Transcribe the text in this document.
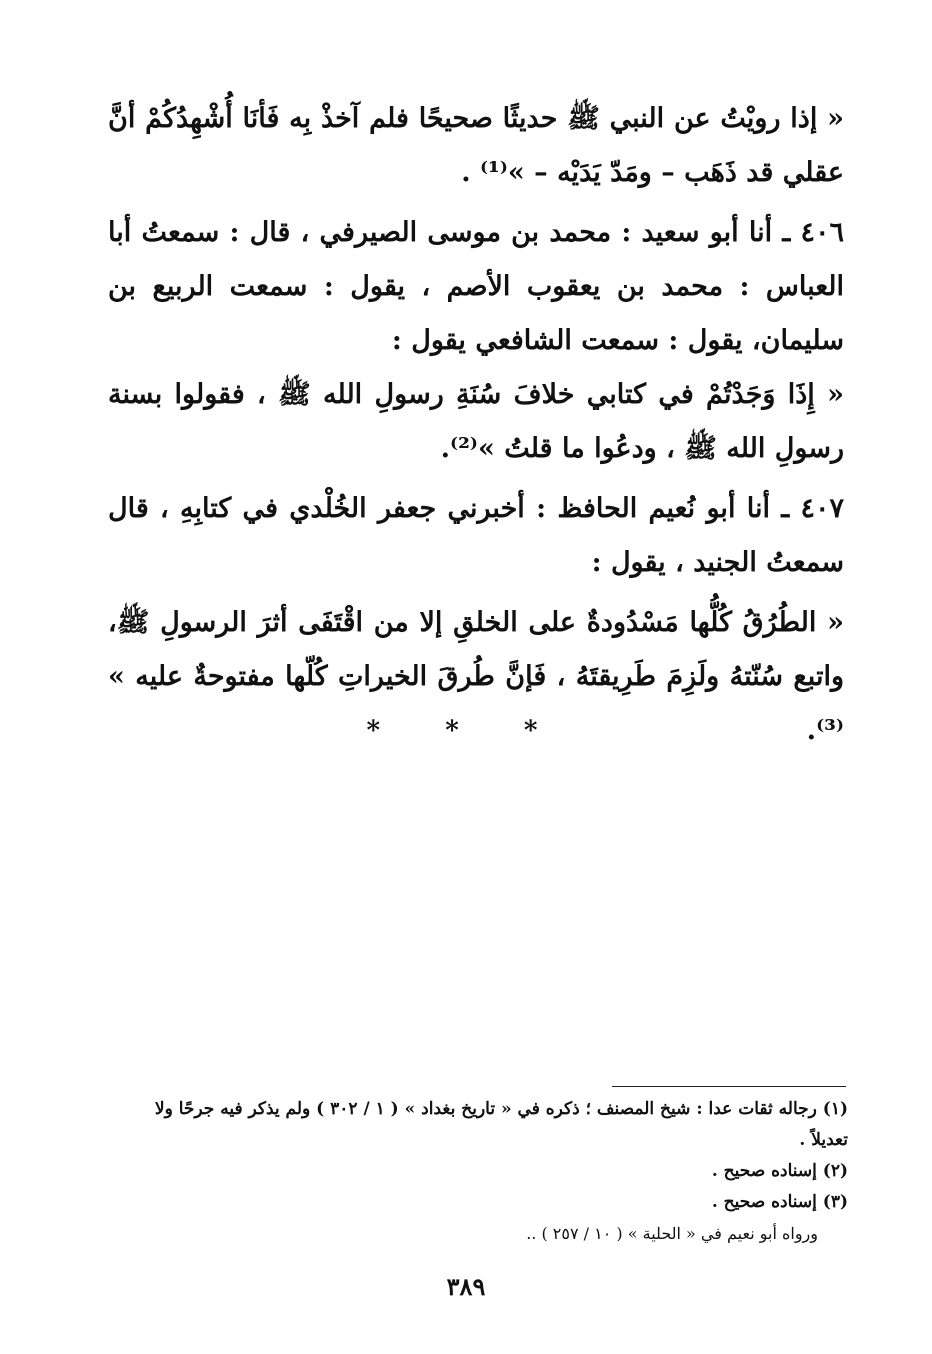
« إذا رويْتُ عن النبي ﷺ حديثًا صحيحًا فلم آخذْ بِه فَأنَا أُشْهِدُكُمْ أنَّ عقلي قد ذَهَب – ومَدّ يَدَيْه – »⁽¹⁾ .

٤٠٦ ـ أنا أبو سعيد : محمد بن موسى الصيرفي ، قال : سمعتُ أبا العباس : محمد بن يعقوب الأصم ، يقول : سمعت الربيع بن سليمان، يقول : سمعت الشافعي يقول :

« إِذَا وَجَدْتُمْ في كتابي خلافَ سُنَةِ رسولِ الله ﷺ ، فقولوا بسنة رسولِ الله ﷺ ، ودعُوا ما قلتُ »⁽²⁾.

٤٠٧ ـ أنا أبو نُعيم الحافظ : أخبرني جعفر الخُلْدي في كتابِهِ ، قال سمعتُ الجنيد ، يقول :

« الطُرُقُ كُلُّها مَسْدُودةٌ على الخلقِ إلا من اقْتَفَى أثرَ الرسولِ ﷺ، واتبع سُنّتهُ ولَزِمَ طَرِيقتَهُ ، فَإنَّ طُرقَ الخيراتِ كُلّها مفتوحةٌ عليه » ⁽³⁾.

* * *

(١) رجاله ثقات عدا : شيخ المصنف ؛ ذكره في « تاريخ بغداد » ( ١ / ٣٠٢ ) ولم يذكر فيه جرحًا ولا

تعديلاً .

(٢) إسناده صحيح .

(٣) إسناده صحيح .

ورواه أبو نعيم في « الحلية » ( ١٠ / ٢٥٧ ) ..

٣٨٩
